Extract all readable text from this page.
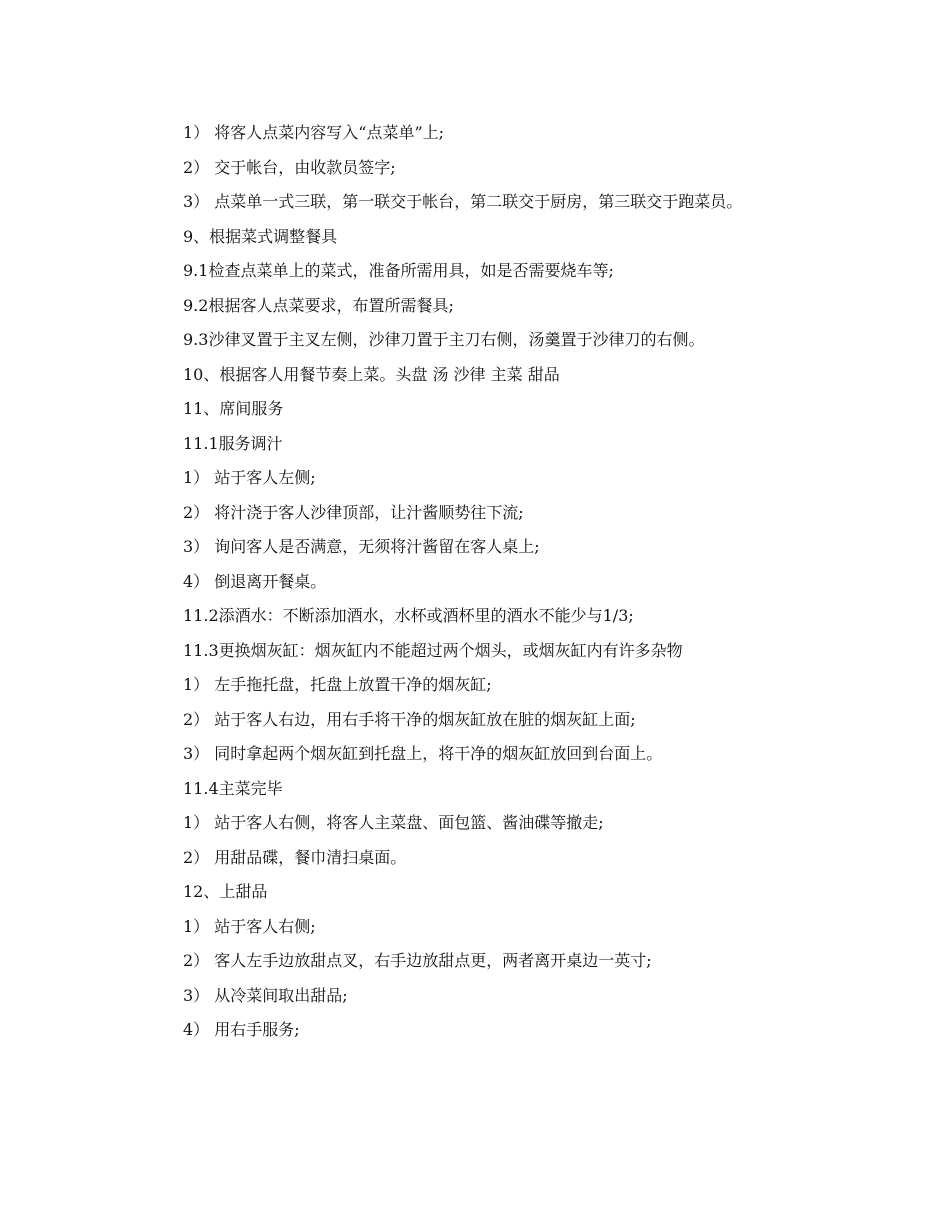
1） 将客人点菜内容写入“点菜单”上;

2） 交于帐台，由收款员签字;

3） 点菜单一式三联，第一联交于帐台，第二联交于厨房，第三联交于跑菜员。

9、根据菜式调整餐具

9.1检查点菜单上的菜式，准备所需用具，如是否需要烧车等;

9.2根据客人点菜要求，布置所需餐具;

9.3沙律叉置于主叉左侧，沙律刀置于主刀右侧，汤羹置于沙律刀的右侧。

10、根据客人用餐节奏上菜。头盘 汤 沙律 主菜 甜品

11、席间服务

11.1服务调汁

1） 站于客人左侧;

2） 将汁浇于客人沙律顶部，让汁酱顺势往下流;

3） 询问客人是否满意，无须将汁酱留在客人桌上;

4） 倒退离开餐桌。

11.2添酒水：不断添加酒水，水杯或酒杯里的酒水不能少与1/3;

11.3更换烟灰缸：烟灰缸内不能超过两个烟头，或烟灰缸内有许多杂物

1） 左手拖托盘，托盘上放置干净的烟灰缸;

2） 站于客人右边，用右手将干净的烟灰缸放在脏的烟灰缸上面;

3） 同时拿起两个烟灰缸到托盘上，将干净的烟灰缸放回到台面上。

11.4主菜完毕

1） 站于客人右侧，将客人主菜盘、面包篮、酱油碟等撤走;

2） 用甜品碟，餐巾清扫桌面。

12、上甜品

1） 站于客人右侧;

2） 客人左手边放甜点叉，右手边放甜点更，两者离开桌边一英寸;

3） 从冷菜间取出甜品;

4） 用右手服务;
